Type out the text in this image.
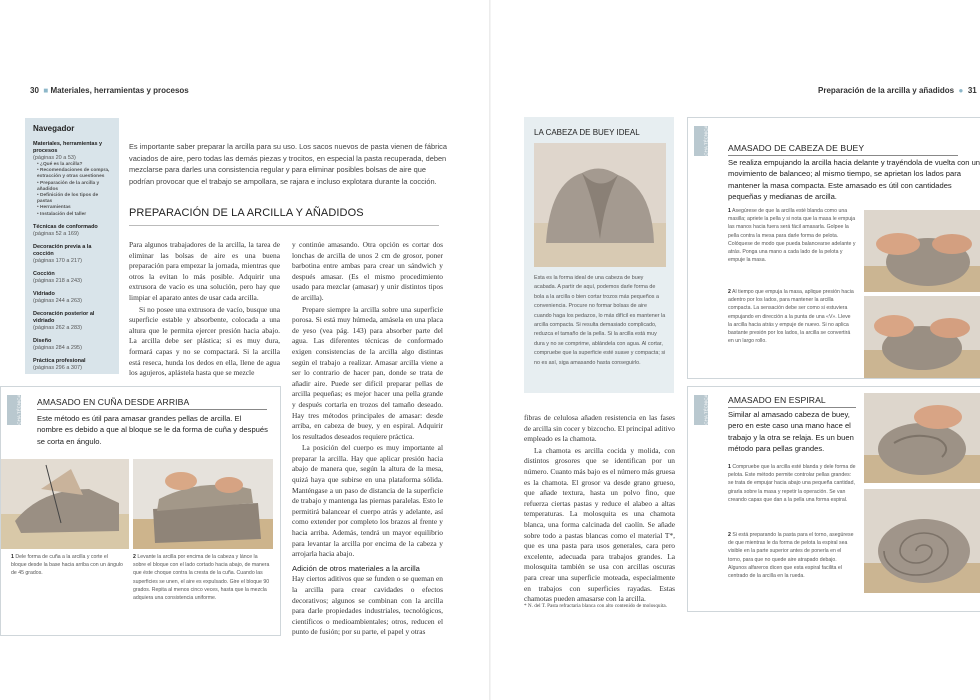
30  ■ Materiales, herramientas y procesos	Preparación de la arcilla y añadidos  ●  31
Navegador
Materiales, herramientas y procesos
(páginas 20 a 53)
• ¿Qué es la arcilla?
• Recomendaciones de compra, extracción y otras cuestiones
• Preparación de la arcilla y añadidos
• Definición de los tipos de pastas
• Herramientas
• Instalación del taller
Técnicas de conformado
(páginas 52 a 169)
Decoración previa a la cocción
(páginas 170 a 217)
Cocción
(páginas 218 a 243)
Vidriado
(páginas 244 a 263)
Decoración posterior al vidriado
(páginas 262 a 283)
Diseño
(páginas 284 a 295)
Práctica profesional
(páginas 296 a 307)
Es importante saber preparar la arcilla para su uso. Los sacos nuevos de pasta vienen de fábrica vaciados de aire, pero todas las demás piezas y trocitos, en especial la pasta recuperada, deben mezclarse para darles una consistencia regular y para eliminar posibles bolsas de aire que podrían provocar que el trabajo se ampollara, se rajara e incluso explotara durante la cocción.
PREPARACIÓN DE LA ARCILLA Y AÑADIDOS

Para algunos trabajadores de la arcilla, la tarea de eliminar las bolsas de aire es una buena preparación para empezar la jornada, mientras que otros la evitan lo más posible. Adquirir una extrusora de vacío es una solución, pero hay que limpiar el aparato antes de usar cada arcilla.

Si no posee una extrusora de vacío, busque una superficie estable y absorbente, colocada a una altura que le permita ejercer presión hacia abajo. La arcilla debe ser plástica; si es muy dura, formará capas y no se compactará. Si la arcilla está reseca, hunda los dedos en ella, llene de agua los agujeros, aplástela hasta que se mezcle

y continúe amasando. Otra opción es cortar dos lonchas de arcilla de unos 2 cm de grosor, poner barbotina entre ambas para crear un sándwich y después amasar. (Es el mismo procedimiento usado para mezclar (amasar) y unir distintos tipos de arcilla).

Prepare siempre la arcilla sobre una superficie porosa. Si está muy húmeda, amásela en una placa de yeso (vea pág. 143) para absorber parte del agua. Las diferentes técnicas de conformado exigen consistencias de la arcilla algo distintas según el trabajo a realizar. Amasar arcilla viene a ser lo contrario de hacer pan, donde se trata de añadir aire. Puede ser difícil preparar pellas de arcilla pequeñas; es mejor hacer una pella grande y después cortarla en trozos del tamaño deseado. Hay tres métodos principales de amasar: desde arriba, en cabeza de buey, y en espiral. Adquirir los resultados deseados requiere práctica.

La posición del cuerpo es muy importante al preparar la arcilla. Hay que aplicar presión hacia abajo de manera que, según la altura de la mesa, quizá haya que subirse en una plataforma sólida. Manténgase a un paso de distancia de la superficie de trabajo y mantenga las piernas paralelas. Esto le permitirá balancear el cuerpo atrás y adelante, así como extender por completo los brazos al frente y hacia arriba. Además, tendrá un mayor equilibrio para levantar la arcilla por encima de la cabeza y arrojarla hacia abajo.

Adición de otros materiales a la arcilla

Hay ciertos aditivos que se funden o se queman en la arcilla para crear cavidades o efectos decorativos; algunos se combinan con la arcilla para darle propiedades industriales, tecnológicos, científicos o medioambientales; otros, reducen el punto de fusión; por su parte, el papel y otras

fibras de celulosa añaden resistencia en las fases de arcilla sin cocer y bizcocho. El principal aditivo empleado es la chamota.

La chamota es arcilla cocida y molida, con distintos grosores que se identifican por un número. Cuanto más bajo es el número más gruesa es la chamota. El grosor va desde grano grueso, que añade textura, hasta un polvo fino, que refuerza ciertas pastas y reduce el alabeo a altas temperaturas. La molosquita es una chamota blanca, una forma calcinada del caolín. Se añade sobre todo a pastas blancas como el material T*, que es una pasta para usos generales, cara pero excelente, adecuada para trabajos grandes. La molosquita también se usa con arcillas oscuras para crear una superficie moteada, especialmente en trabajos con superficies rayadas. Estas chamotas pueden amasarse con la arcilla.

* N. del T. Pasta refractaria blanca con alto contenido de molosquita.
FICHA TÉCNICA 03 AMASADO EN CUÑA DESDE ARRIBA
Este método es útil para amasar grandes pellas de arcilla. El nombre es debido a que al bloque se le da forma de cuña y después se corta en ángulo.
1 Dele forma de cuña a la arcilla y corte el bloque desde la base hacia arriba con un ángulo de 45 grados.
2 Levante la arcilla por encima de la cabeza y lánce la sobre el bloque con el lado cortado hacia abajo, de manera que éste choque contra la cresta de la cuña. Cuando las superficies se unen, el aire es expulsado. Gire el bloque 90 grados. Repita al menos cinco veces, hasta que la mezcla adquiera una consistencia uniforme.
LA CABEZA DE BUEY IDEAL
Esta es la forma ideal de una cabeza de buey acabada. A partir de aquí, podemos darle forma de bola a la arcilla o bien cortar trozos más pequeños a conveniencia. Procure no formar bolsas de aire cuando haga los pedazos, lo más difícil es mantener la arcilla compacta. Si resulta demasiado complicado, reduzca el tamaño de la pella. Si la arcilla está muy dura y no se comprime, ablándela con agua. Al cortar, compruebe que la superficie esté suave y compacta; si no es así, siga amasando hasta conseguirlo.
FICHA TÉCNICA 04 AMASADO DE CABEZA DE BUEY
Se realiza empujando la arcilla hacia delante y trayéndola de vuelta con un movimiento de balanceo; al mismo tiempo, se aprietan los lados para mantener la masa compacta. Este amasado es útil con cantidades pequeñas y medianas de arcilla.
1 Asegúrese de que la arcilla esté blanda como una masilla; apriete la pella y si nota que la masa le empuja las manos hacia fuera será fácil amasarla. Golpee la pella contra la mesa para darle forma de pelota. Colóquese de modo que pueda balancearse adelante y atrás. Ponga una mano a cada lado de la pelota y empuje la masa.
2 Al tiempo que empuja la masa, aplique presión hacia adentro por los lados, para mantener la arcilla compacta. La sensación debe ser como si estuviera empujando en dirección a la punta de una «V». Lleve la arcilla hacia atrás y empuje de nuevo. Si no aplica bastante presión por los lados, la arcilla se convertirá en un largo rollo.
FICHA TÉCNICA 05 AMASADO EN ESPIRAL
Similar al amasado cabeza de buey, pero en este caso una mano hace el trabajo y la otra se relaja. Es un buen método para pellas grandes.
1 Compruebe que la arcilla esté blanda y dele forma de pelota. Este método permite controlar pellas grandes: se trata de empujar hacia abajo una pequeña cantidad, girarla sobre la masa y repetir la operación. Se van creando capas que dan a la pella una forma espiral.
2 Si está preparando la pasta para el torno, asegúrese de que mientras le da forma de pelota la espiral sea visible en la parte superior antes de ponerla en el torno, para que no quede aire atrapado debajo. Algunos alfareros dicen que esta espiral facilita el centrado de la arcilla en la rueda.
